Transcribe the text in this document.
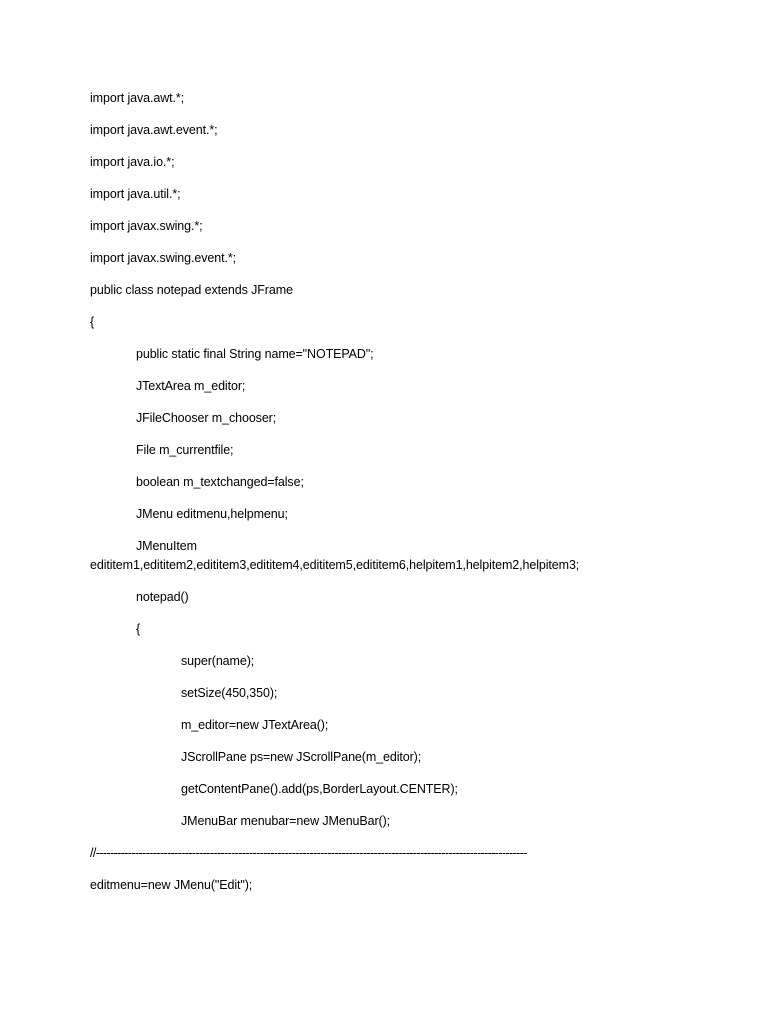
import java.awt.*;
import java.awt.event.*;
import java.io.*;
import java.util.*;
import javax.swing.*;
import javax.swing.event.*;
public class notepad extends JFrame
{
public static final String name="NOTEPAD";
JTextArea m_editor;
JFileChooser m_chooser;
File m_currentfile;
boolean m_textchanged=false;
JMenu editmenu,helpmenu;
JMenuItem
edititem1,edititem2,edititem3,edititem4,edititem5,edititem6,helpitem1,helpitem2,helpitem3;
notepad()
{
super(name);
setSize(450,350);
m_editor=new JTextArea();
JScrollPane ps=new JScrollPane(m_editor);
getContentPane().add(ps,BorderLayout.CENTER);
JMenuBar menubar=new JMenuBar();
//-------------------------------------------------------------------------------------------------------------------------
editmenu=new JMenu("Edit");
